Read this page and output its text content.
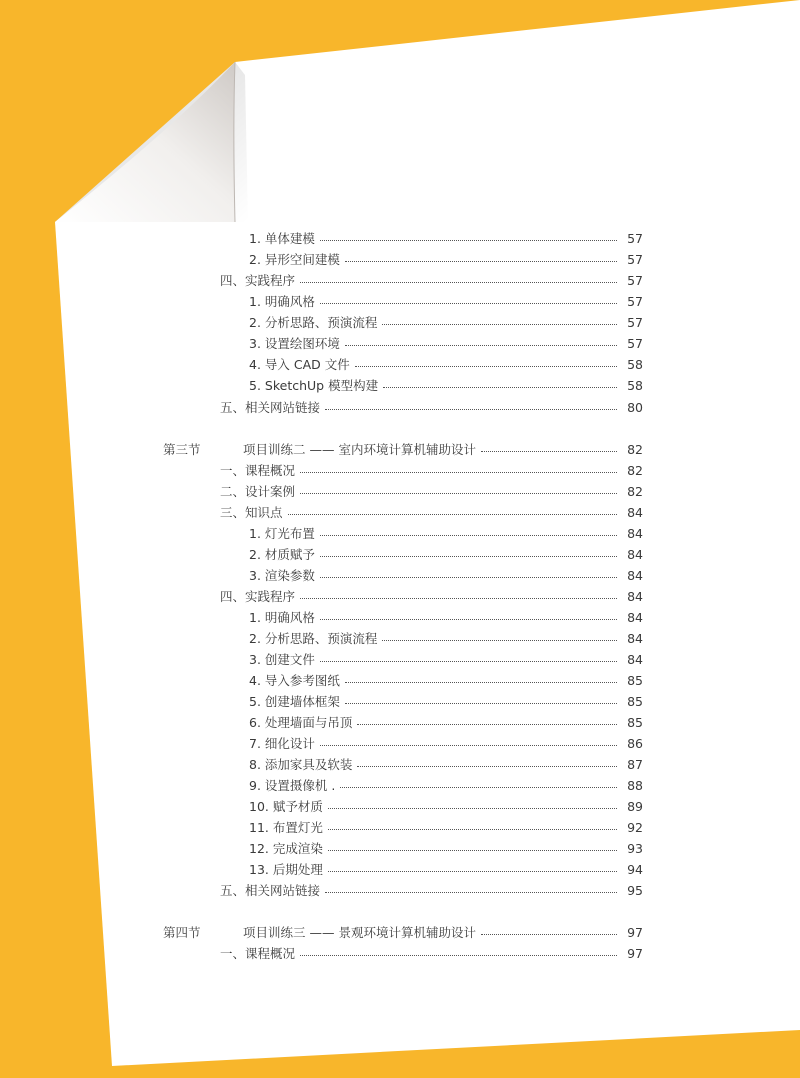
1. 单体建模	57
2. 异形空间建模	57
四、实践程序	57
1. 明确风格	57
2. 分析思路、预演流程	57
3. 设置绘图环境	57
4. 导入 CAD 文件	58
5. SketchUp 模型构建	58
五、相关网站链接	80
第三节	项目训练二 —— 室内环境计算机辅助设计	82
一、课程概况	82
二、设计案例	82
三、知识点	84
1. 灯光布置	84
2. 材质赋予	84
3. 渲染参数	84
四、实践程序	84
1. 明确风格	84
2. 分析思路、预演流程	84
3. 创建文件	84
4. 导入参考图纸	85
5. 创建墙体框架	85
6. 处理墙面与吊顶	85
7. 细化设计	86
8. 添加家具及软装	87
9. 设置摄像机 .	88
10. 赋予材质	89
11. 布置灯光	92
12. 完成渲染	93
13. 后期处理	94
五、相关网站链接	95
第四节	项目训练三 —— 景观环境计算机辅助设计	97
一、课程概况	97
